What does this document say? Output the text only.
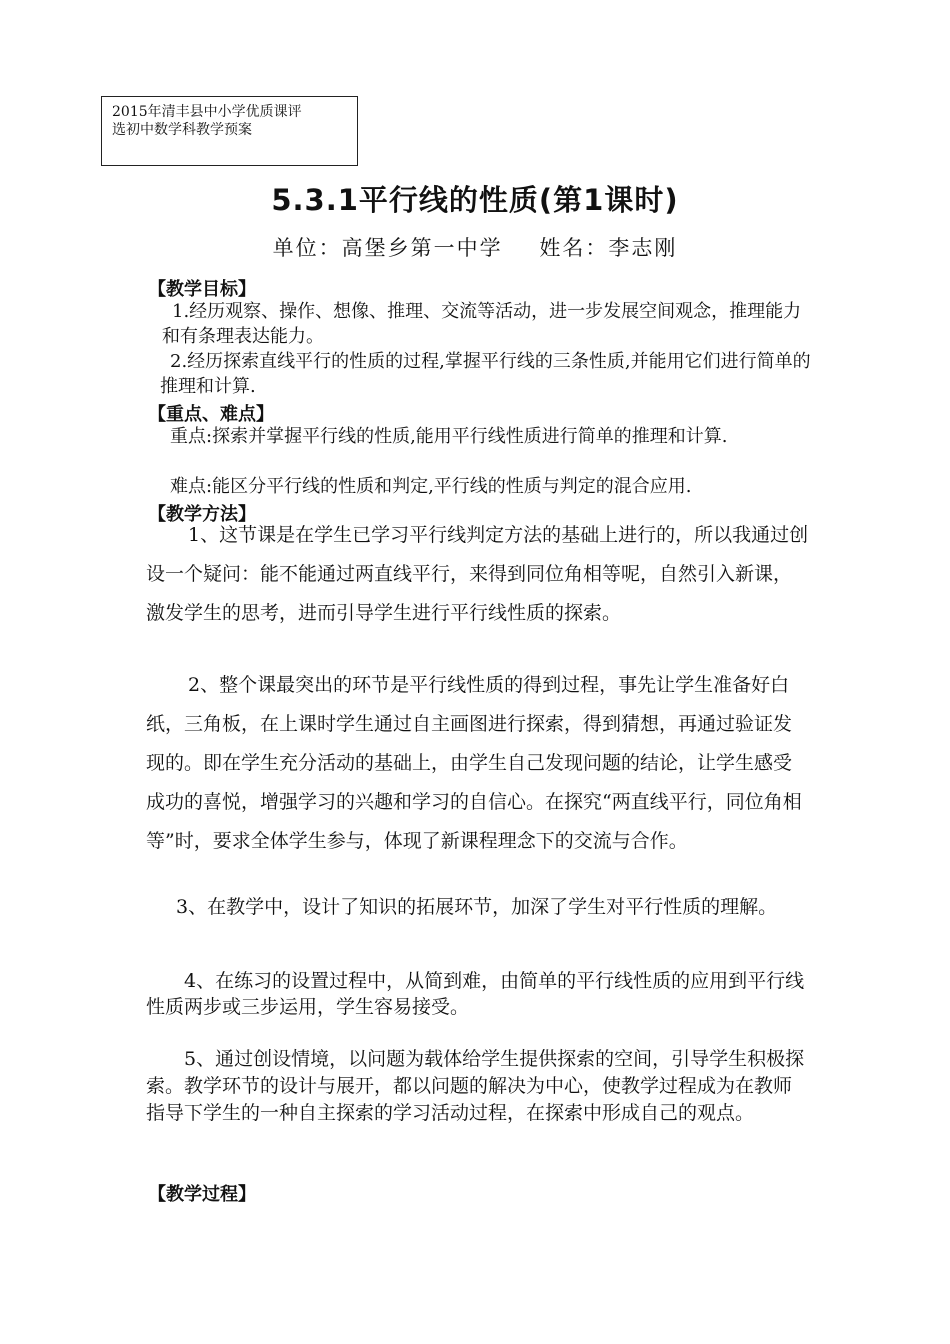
2015年清丰县中小学优质课评
选初中数学科教学预案
5.3.1平行线的性质(第1课时)
单位：高堡乡第一中学 姓名：李志刚
【教学目标】

1.经历观察、操作、想像、推理、交流等活动，进一步发展空间观念，推理能力和有条理表达能力。

2.经历探索直线平行的性质的过程,掌握平行线的三条性质,并能用它们进行简单的推理和计算.

【重点、难点】

重点:探索并掌握平行线的性质,能用平行线性质进行简单的推理和计算.

难点:能区分平行线的性质和判定,平行线的性质与判定的混合应用.

【教学方法】

1、这节课是在学生已学习平行线判定方法的基础上进行的，所以我通过创设一个疑问：能不能通过两直线平行，来得到同位角相等呢，自然引入新课，激发学生的思考，进而引导学生进行平行线性质的探索。

2、整个课最突出的环节是平行线性质的得到过程，事先让学生准备好白纸，三角板，在上课时学生通过自主画图进行探索，得到猜想，再通过验证发现的。即在学生充分活动的基础上，由学生自己发现问题的结论，让学生感受成功的喜悦，增强学习的兴趣和学习的自信心。在探究“两直线平行，同位角相等”时，要求全体学生参与，体现了新课程理念下的交流与合作。

3、在教学中，设计了知识的拓展环节，加深了学生对平行性质的理解。

4、在练习的设置过程中，从简到难，由简单的平行线性质的应用到平行线性质两步或三步运用，学生容易接受。

5、通过创设情境，以问题为载体给学生提供探索的空间，引导学生积极探索。教学环节的设计与展开，都以问题的解决为中心，使教学过程成为在教师指导下学生的一种自主探索的学习活动过程，在探索中形成自己的观点。

【教学过程】
